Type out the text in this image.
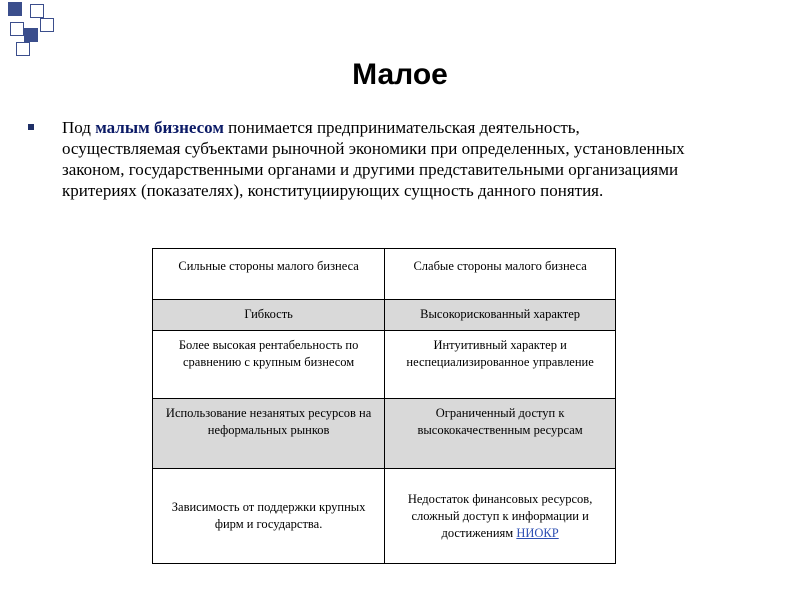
Малое
Под малым бизнесом понимается предпринимательская деятельность, осуществляемая субъектами рыночной экономики при определенных, установленных законом, государственными органами и другими представительными организациями критериях (показателях), конституциирующих сущность данного понятия.
Сильные стороны малого бизнеса	Слабые стороны малого бизнеса

Гибкость	Высокорискованный характер

Более высокая рентабельность по сравнению с крупным бизнесом	Интуитивный характер и неспециализированное управление

Использование незанятых ресурсов на неформальных рынков	Ограниченный доступ к высококачественным ресурсам

Зависимость от поддержки крупных фирм и государства.	Недостаток финансовых ресурсов, сложный доступ к информации и достижениям НИОКР
